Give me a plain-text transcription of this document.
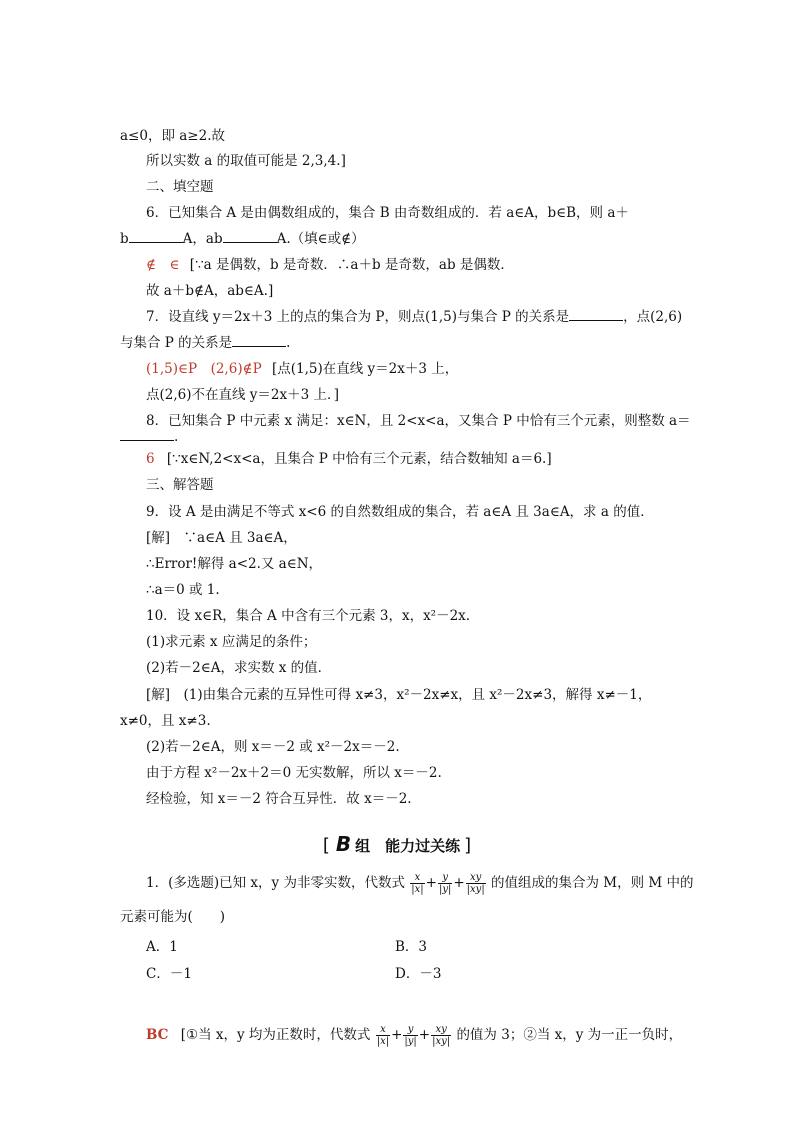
a≤0，即 a≥2.故
所以实数 a 的取值可能是 2,3,4.]
二、填空题
6．已知集合 A 是由偶数组成的，集合 B 由奇数组成的．若 a∈A，b∈B，则 a＋
b	A，ab	A.（填∈或∉）
∉　∈ [∵a 是偶数，b 是奇数．∴a＋b 是奇数，ab 是偶数．
故 a＋b∉A，ab∈A.]
7．设直线 y＝2x＋3 上的点的集合为 P，则点(1,5)与集合 P 的关系是	，点(2,6)
与集合 P 的关系是	.
(1,5)∈P　(2,6)∉P [点(1,5)在直线 y＝2x＋3 上，
点(2,6)不在直线 y＝2x＋3 上．]
8．已知集合 P 中元素 x 满足：x∈N，且 2<x<a，又集合 P 中恰有三个元素，则整数 a＝
.
6 [∵x∈N,2<x<a，且集合 P 中恰有三个元素，结合数轴知 a＝6.]
三、解答题
9．设 A 是由满足不等式 x<6 的自然数组成的集合，若 a∈A 且 3a∈A，求 a 的值．
[解]　∵a∈A 且 3a∈A，
∴Error!解得 a<2.又 a∈N，
∴a＝0 或 1.
10．设 x∈R，集合 A 中含有三个元素 3，x，x²－2x.
(1)求元素 x 应满足的条件；
(2)若－2∈A，求实数 x 的值．
[解]　(1)由集合元素的互异性可得 x≠3，x²－2x≠x，且 x²－2x≠3，解得 x≠－1，
x≠0，且 x≠3.
(2)若－2∈A，则 x＝－2 或 x²－2x＝－2.
由于方程 x²－2x＋2＝0 无实数解，所以 x＝－2.
经检验，知 x＝－2 符合互异性．故 x＝－2.
[ B 组　能力过关练 ]
1．(多选题)已知 x，y 为非零实数，代数式 $\frac{x}{|x|} + \frac{y}{|y|} + \frac{xy}{|xy|}$ 的值组成的集合为 M，则 M 中的
元素可能为(　　)
A．1	B．3
C．－1	D．－3
BC [①当 x，y 均为正数时，代数式 $\frac{x}{|x|} + \frac{y}{|y|} + \frac{xy}{|xy|}$ 的值为 3；②当 x，y 为一正一负时，
